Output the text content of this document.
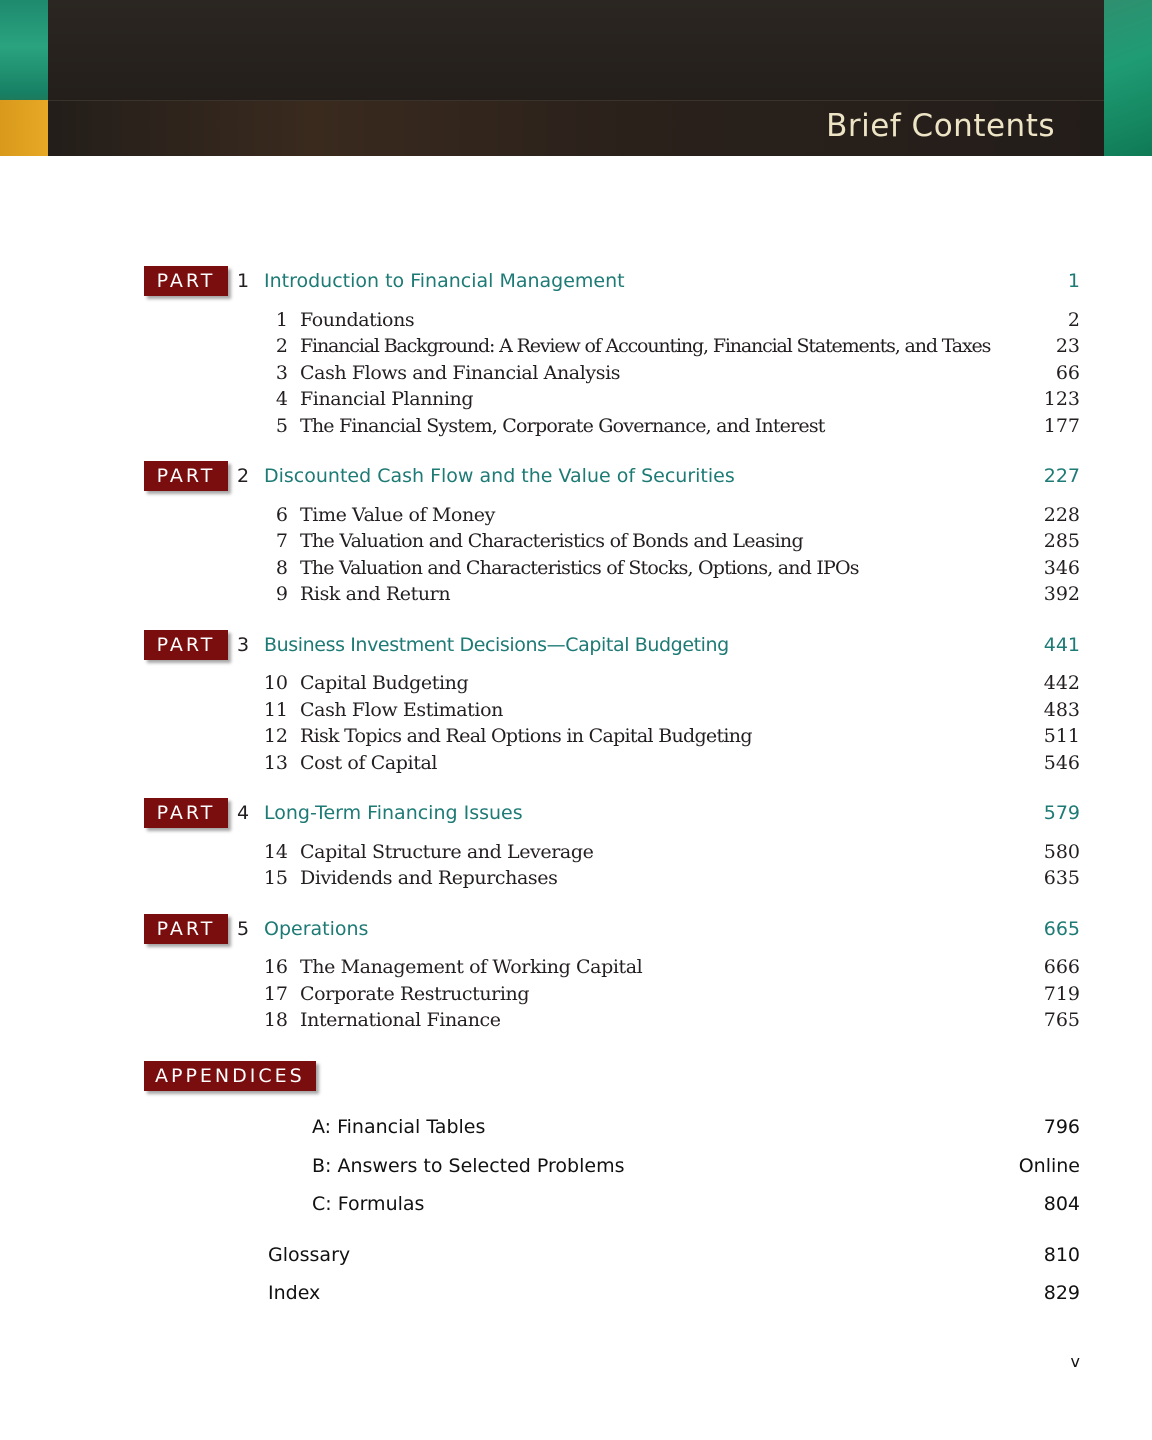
Brief Contents
PART	1 Introduction to Financial Management	1
1 Foundations	2
2 Financial Background: A Review of Accounting, Financial Statements, and Taxes	23
3 Cash Flows and Financial Analysis	66
4 Financial Planning	123
5 The Financial System, Corporate Governance, and Interest	177
PART	2 Discounted Cash Flow and the Value of Securities	227
6 Time Value of Money	228
7 The Valuation and Characteristics of Bonds and Leasing	285
8 The Valuation and Characteristics of Stocks, Options, and IPOs	346
9 Risk and Return	392
PART	3 Business Investment Decisions—Capital Budgeting	441
10 Capital Budgeting	442
11 Cash Flow Estimation	483
12 Risk Topics and Real Options in Capital Budgeting	511
13 Cost of Capital	546
PART	4 Long-Term Financing Issues	579
14 Capital Structure and Leverage	580
15 Dividends and Repurchases	635
PART	5 Operations	665
16 The Management of Working Capital	666
17 Corporate Restructuring	719
18 International Finance	765
APPENDICES
A: Financial Tables	796
B: Answers to Selected Problems	Online
C: Formulas	804
Glossary	810
Index	829
v
